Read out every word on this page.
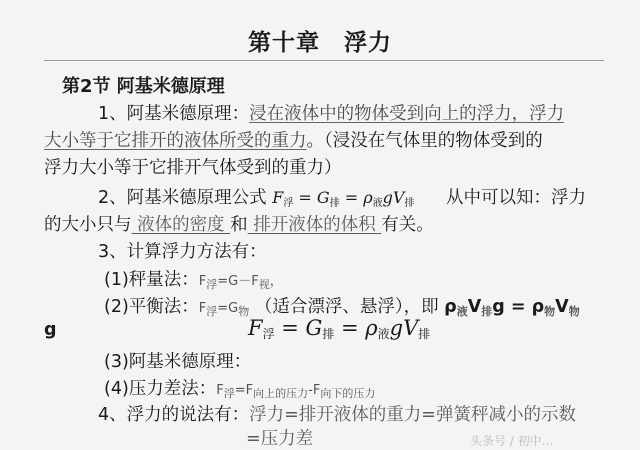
第十章　浮力
第2节 阿基米德原理
1、阿基米德原理：浸在液体中的物体受到向上的浮力，浮力
大小等于它排开的液体所受的重力。（浸没在气体里的物体受到的
浮力大小等于它排开气体受到的重力）
2、阿基米德原理公式 F浮 = G排 = ρ液gV排 从中可以知：浮力
的大小只与 液体的密度 和 排开液体的体积 有关。
3、计算浮力方法有：
(1)秤量法：$F_浮=G-F_视$，
(2)平衡法：$F_浮=G_物$ （适合漂浮、悬浮），即 $\rho_液V_排g = \rho_物V_物$
g	F浮 = G排 = ρ液gV排
(3)阿基米德原理：
(4)压力差法：$F_浮=F_{向上的压力}-F_{向下的压力}$
4、浮力的说法有：浮力=排开液体的重力=弹簧秤减小的示数
=压力差	头条号 / 初中…
